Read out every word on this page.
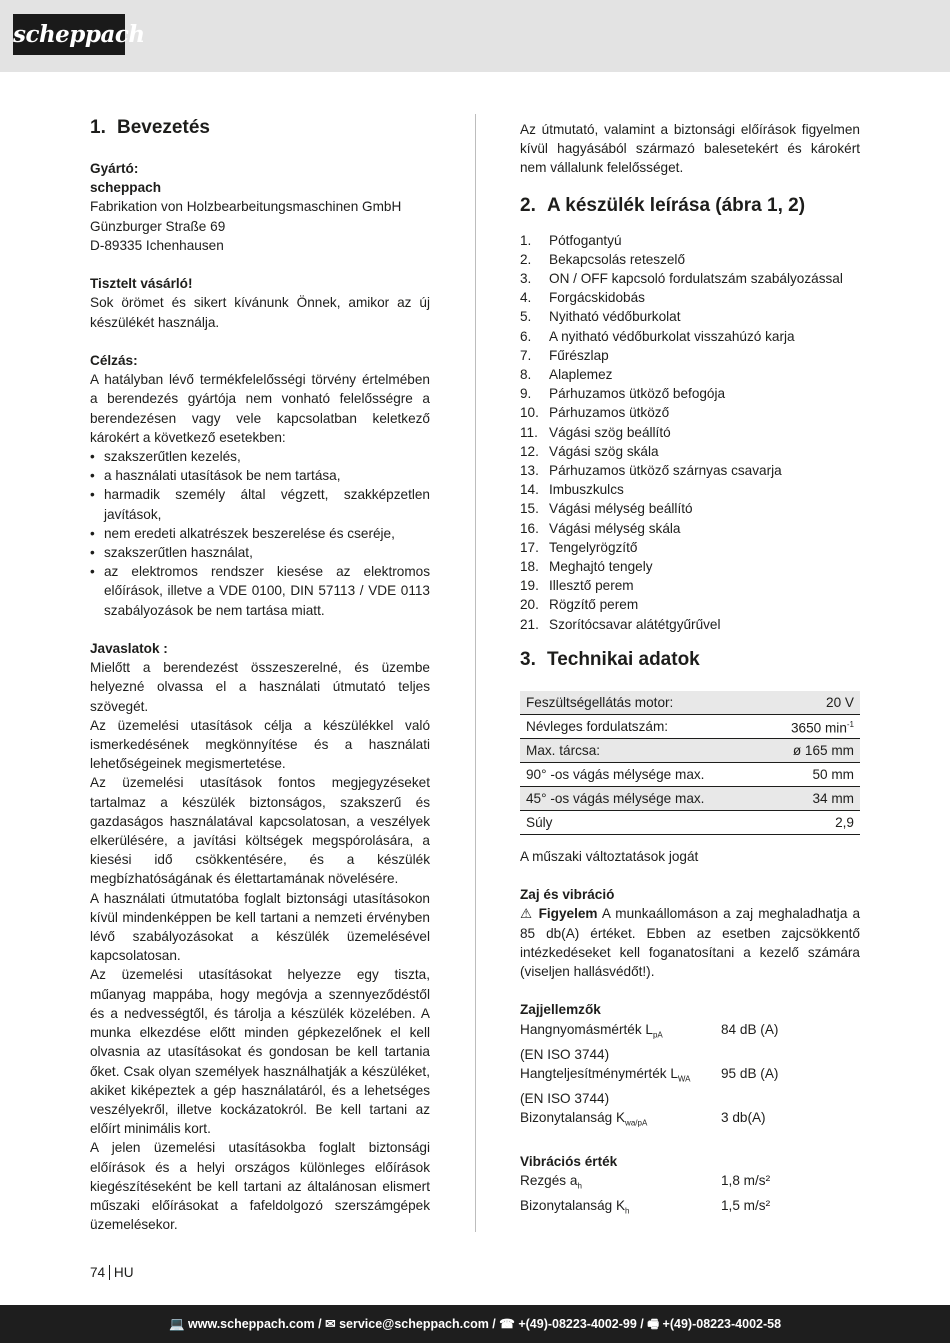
scheppach
1. Bevezetés

Gyártó:

scheppach

Fabrikation von Holzbearbeitungsmaschinen GmbH

Günzburger Straße 69

D-89335 Ichenhausen

Tisztelt vásárló!

Sok örömet és sikert kívánunk Önnek, amikor az új készülékét használja.

Célzás:

A hatályban lévő termékfelelősségi törvény értelmében a berendezés gyártója nem vonható felelősségre a berendezésen vagy vele kapcsolatban keletkező károkért a következő esetekben:

• szakszerűtlen kezelés,
• a használati utasítások be nem tartása,
• harmadik személy által végzett, szakképzetlen javítások,
• nem eredeti alkatrészek beszerelése és cseréje,
• szakszerűtlen használat,
• az elektromos rendszer kiesése az elektromos előírások, illetve a VDE 0100, DIN 57113 / VDE 0113 szabályozások be nem tartása miatt.

Javaslatok :

Mielőtt a berendezést összeszerelné, és üzembe helyezné olvassa el a használati útmutató teljes szövegét.

Az üzemelési utasítások célja a készülékkel való ismerkedésének megkönnyítése és a használati lehetőségeinek megismertetése.

Az üzemelési utasítások fontos megjegyzéseket tartalmaz a készülék biztonságos, szakszerű és gazdaságos használatával kapcsolatosan, a veszélyek elkerülésére, a javítási költségek megspórolására, a kiesési idő csökkentésére, és a készülék megbízhatóságának és élettartamának növelésére.

A használati útmutatóba foglalt biztonsági utasításokon kívül mindenképpen be kell tartani a nemzeti érvényben lévő szabályozásokat a készülék üzemelésével kapcsolatosan.

Az üzemelési utasításokat helyezze egy tiszta, műanyag mappába, hogy megóvja a szennyeződéstől és a nedvességtől, és tárolja a készülék közelében. A munka elkezdése előtt minden gépkezelőnek el kell olvasnia az utasításokat és gondosan be kell tartania őket. Csak olyan személyek használhatják a készüléket, akiket kiképeztek a gép használatáról, és a lehetséges veszélyekről, illetve kockázatokról. Be kell tartani az előírt minimális kort.

A jelen üzemelési utasításokba foglalt biztonsági előírások és a helyi országos különleges előírások kiegészítéseként be kell tartani az általánosan elismert műszaki előírásokat a fafeldolgozó szerszámgépek üzemelésekor.

Az útmutató, valamint a biztonsági előírások figyelmen kívül hagyásából származó balesetekért és károkért nem vállalunk felelősséget.

2. A készülék leírása (ábra 1, 2)
1.	Pótfogantyú
2.	Bekapcsolás reteszelő
3.	ON / OFF kapcsoló fordulatszám szabályozással
4.	Forgácskidobás
5.	Nyitható védőburkolat
6.	A nyitható védőburkolat visszahúzó karja
7.	Fűrészlap
8.	Alaplemez
9.	Párhuzamos ütköző befogója
10. Párhuzamos ütköző
11. Vágási szög beállító
12. Vágási szög skála
13. Párhuzamos ütköző szárnyas csavarja
14. Imbuszkulcs
15. Vágási mélység beállító
16. Vágási mélység skála
17. Tengelyrögzítő
18. Meghajtó tengely
19. Illesztő perem
20. Rögzítő perem
21. Szorítócsavar alátétgyűrűvel
3. Technikai adatok
Feszültségellátás motor:	20 V
Névleges fordulatszám:	3650 $\min^{-1}$
Max. tárcsa:	ø 165 mm
90° -os vágás mélysége max.	50 mm
45° -os vágás mélysége max.	34 mm
Súly	2,9

A műszaki változtatások jogát

Zaj és vibráció

⚠ Figyelem A munkaállomáson a zaj meghaladhatja a 85 db(A) értéket. Ebben az esetben zajcsökkentő intézkedéseket kell foganatosítani a kezelő számára (viseljen hallásvédőt!).

Zajjellemzők

Hangnyomásmérték $L_{pA}$	84 dB (A)

(EN ISO 3744)

Hangteljesítménymérték $L_{WA}$	95 dB (A)

(EN ISO 3744)

Bizonytalanság $K_{wa/pA}$	3 db(A)

Vibrációs érték

Rezgés $a_h$	1,8 m/s²
Bizonytalanság $K_h$	1,5 m/s²
74 HU
💻 www.scheppach.com / ✉ service@scheppach.com / ☎ +(49)-08223-4002-99 / 🖷 +(49)-08223-4002-58
